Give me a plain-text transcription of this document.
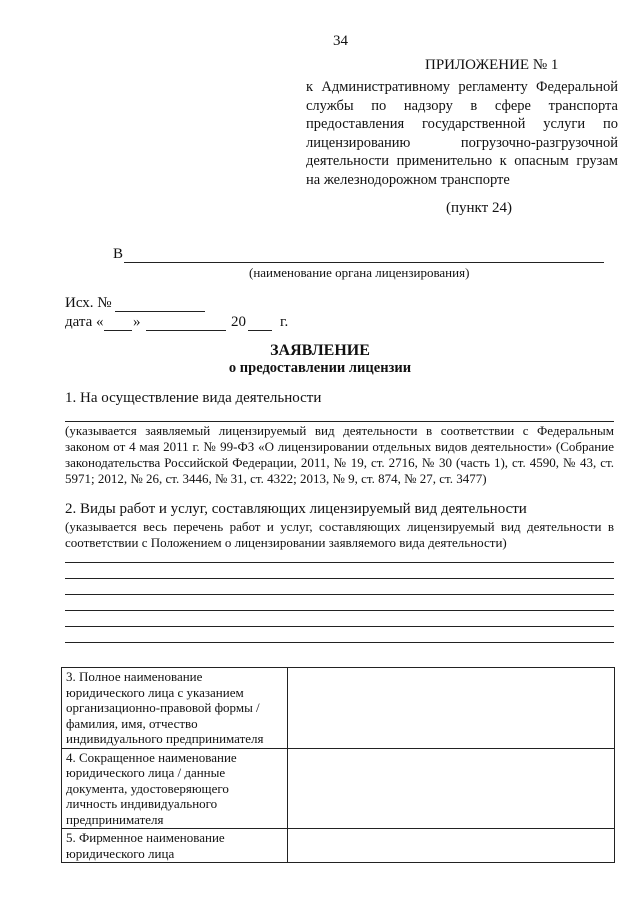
34
ПРИЛОЖЕНИЕ № 1
к Административному регламенту Федеральной службы по надзору в сфере транспорта предоставления государственной услуги по лицензированию погрузочно-разгрузочной деятельности применительно к опасным грузам на железнодорожном транспорте
(пункт 24)
В
(наименование органа лицензирования)
Исх. №
дата « »	20 г.
ЗАЯВЛЕНИЕ
о предоставлении лицензии
1. На осуществление вида деятельности
(указывается заявляемый лицензируемый вид деятельности в соответствии с Федеральным законом от 4 мая 2011 г. № 99-ФЗ «О лицензировании отдельных видов деятельности» (Собрание законодательства Российской Федерации, 2011, № 19, ст. 2716, № 30 (часть 1), ст. 4590, № 43, ст. 5971; 2012, № 26, ст. 3446, № 31, ст. 4322; 2013, № 9, ст. 874, № 27, ст. 3477)
2. Виды работ и услуг, составляющих лицензируемый вид деятельности
(указывается весь перечень работ и услуг, составляющих лицензируемый вид деятельности в соответствии с Положением о лицензировании заявляемого вида деятельности)
3. Полное наименование юридического лица с указанием организационно-правовой формы / фамилия, имя, отчество индивидуального предпринимателя	
4. Сокращенное наименование юридического лица / данные документа, удостоверяющего личность индивидуального предпринимателя	
5. Фирменное наименование юридического лица	
